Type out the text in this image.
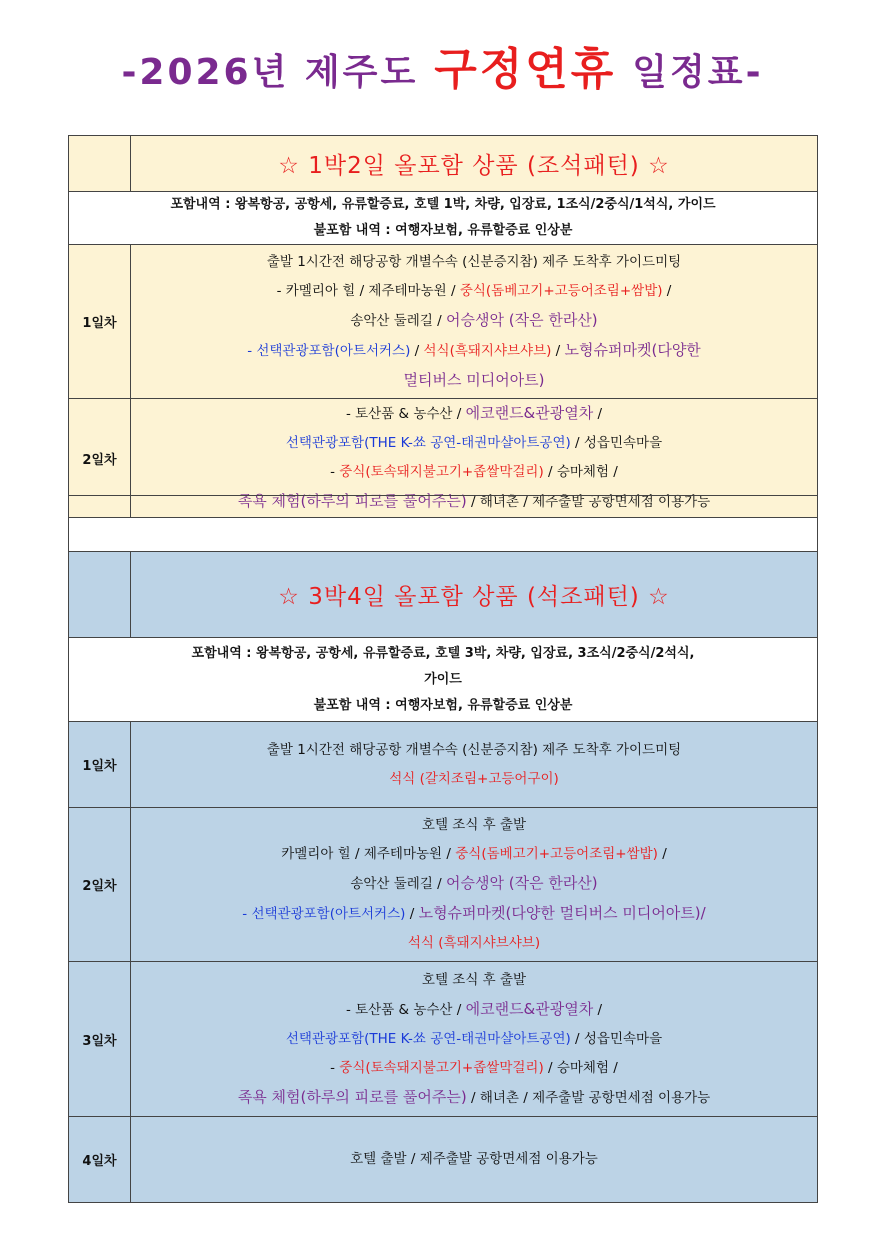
-2026년 제주도 구정연휴 일정표-
	☆ 1박2일 올포함 상품 (조석패턴) ☆

포함내역 : 왕복항공, 공항세, 유류할증료, 호텔 1박, 차량, 입장료, 1조식/2중식/1석식, 가이드
불포함 내역 : 여행자보험, 유류할증료 인상분	

1일차	출발 1시간전 해당공항 개별수속 (신분증지참) 제주 도착후 가이드미팅
- 카멜리아 힐 / 제주테마농원 / 중식(돔베고기+고등어조림+쌈밥) /
송악산 둘레길 / 어승생악 (작은 한라산)
- 선택관광포함(아트서커스) / 석식(흑돼지샤브샤브) / 노형슈퍼마켓(다양한
멀티버스 미디어아트)

2일차	- 토산품 & 농수산 / 에코랜드&관광열차 /
선택관광포함(THE K-쑈 공연-태권마샬아트공연) / 성읍민속마을
- 중식(토속돼지불고기+좁쌀막걸리) / 승마체험 /
족욕 체험(하루의 피로를 풀어주는) / 해녀촌 / 제주출발 공항면세점 이용가능

	☆ 3박4일 올포함 상품 (석조패턴) ☆

포함내역 : 왕복항공, 공항세, 유류할증료, 호텔 3박, 차량, 입장료, 3조식/2중식/2석식,
가이드
불포함 내역 : 여행자보험, 유류할증료 인상분	

1일차	출발 1시간전 해당공항 개별수속 (신분증지참) 제주 도착후 가이드미팅
석식 (갈치조림+고등어구이)

2일차	호텔 조식 후 출발
카멜리아 힐 / 제주테마농원 / 중식(돔베고기+고등어조림+쌈밥) /
송악산 둘레길 / 어승생악 (작은 한라산)
- 선택관광포함(아트서커스) / 노형슈퍼마켓(다양한 멀티버스 미디어아트)/
석식 (흑돼지샤브샤브)

3일차	호텔 조식 후 출발
- 토산품 & 농수산 / 에코랜드&관광열차 /
선택관광포함(THE K-쑈 공연-태권마샬아트공연) / 성읍민속마을
- 중식(토속돼지불고기+좁쌀막걸리) / 승마체험 /
족욕 체험(하루의 피로를 풀어주는) / 해녀촌 / 제주출발 공항면세점 이용가능

4일차	호텔 출발 / 제주출발 공항면세점 이용가능
